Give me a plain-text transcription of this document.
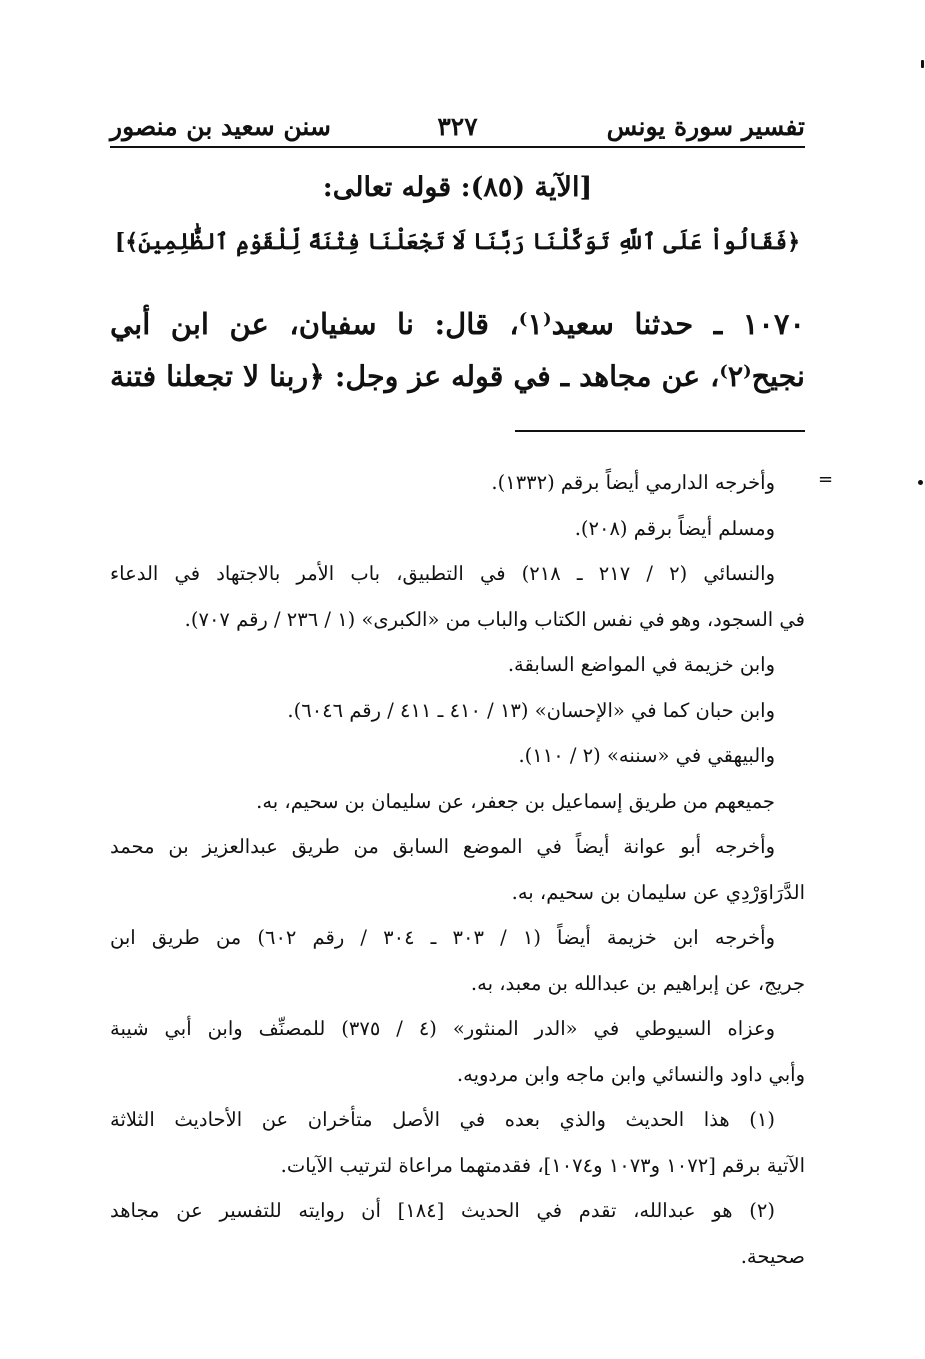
تفسير سورة يونس
٣٢٧
سنن سعيد بن منصور
[الآية (٨٥): قوله تعالى:
﴿فَقَالُواْ عَلَى ٱللَّهِ تَوَكَّلْنَا رَبَّنَا لَا تَجْعَلْنَا فِتْنَةً لِّلْقَوْمِ ٱلظَّٰلِمِينَ﴾]
١٠٧٠ ـ حدثنا سعيد⁽١⁾، قال: نا سفيان، عن ابن أبي
نجيح⁽٢⁾، عن مجاهد ـ في قوله عز وجل: ﴿ربنا لا تجعلنا فتنة
=
وأخرجه الدارمي أيضاً برقم (١٣٣٢).
ومسلم أيضاً برقم (٢٠٨).
والنسائي (٢ / ٢١٧ ـ ٢١٨) في التطبيق، باب الأمر بالاجتهاد في الدعاء
في السجود، وهو في نفس الكتاب والباب من «الكبرى» (١ / ٢٣٦ / رقم ٧٠٧).
وابن خزيمة في المواضع السابقة.
وابن حبان كما في «الإحسان» (١٣ / ٤١٠ ـ ٤١١ / رقم ٦٠٤٦).
والبيهقي في «سننه» (٢ / ١١٠).
جميعهم من طريق إسماعيل بن جعفر، عن سليمان بن سحيم، به.
وأخرجه أبو عوانة أيضاً في الموضع السابق من طريق عبدالعزيز بن محمد
الدَّرَاوَرْدِي عن سليمان بن سحيم، به.
وأخرجه ابن خزيمة أيضاً (١ / ٣٠٣ ـ ٣٠٤ / رقم ٦٠٢) من طريق ابن
جريج، عن إبراهيم بن عبدالله بن معبد، به.
وعزاه السيوطي في «الدر المنثور» (٤ / ٣٧٥) للمصنِّف وابن أبي شيبة
وأبي داود والنسائي وابن ماجه وابن مردويه.
(١) هذا الحديث والذي بعده في الأصل متأخران عن الأحاديث الثلاثة
الآتية برقم [١٠٧٢ و١٠٧٣ و١٠٧٤]، فقدمتهما مراعاة لترتيب الآيات.
(٢) هو عبدالله، تقدم في الحديث [١٨٤] أن روايته للتفسير عن مجاهد
صحيحة.
